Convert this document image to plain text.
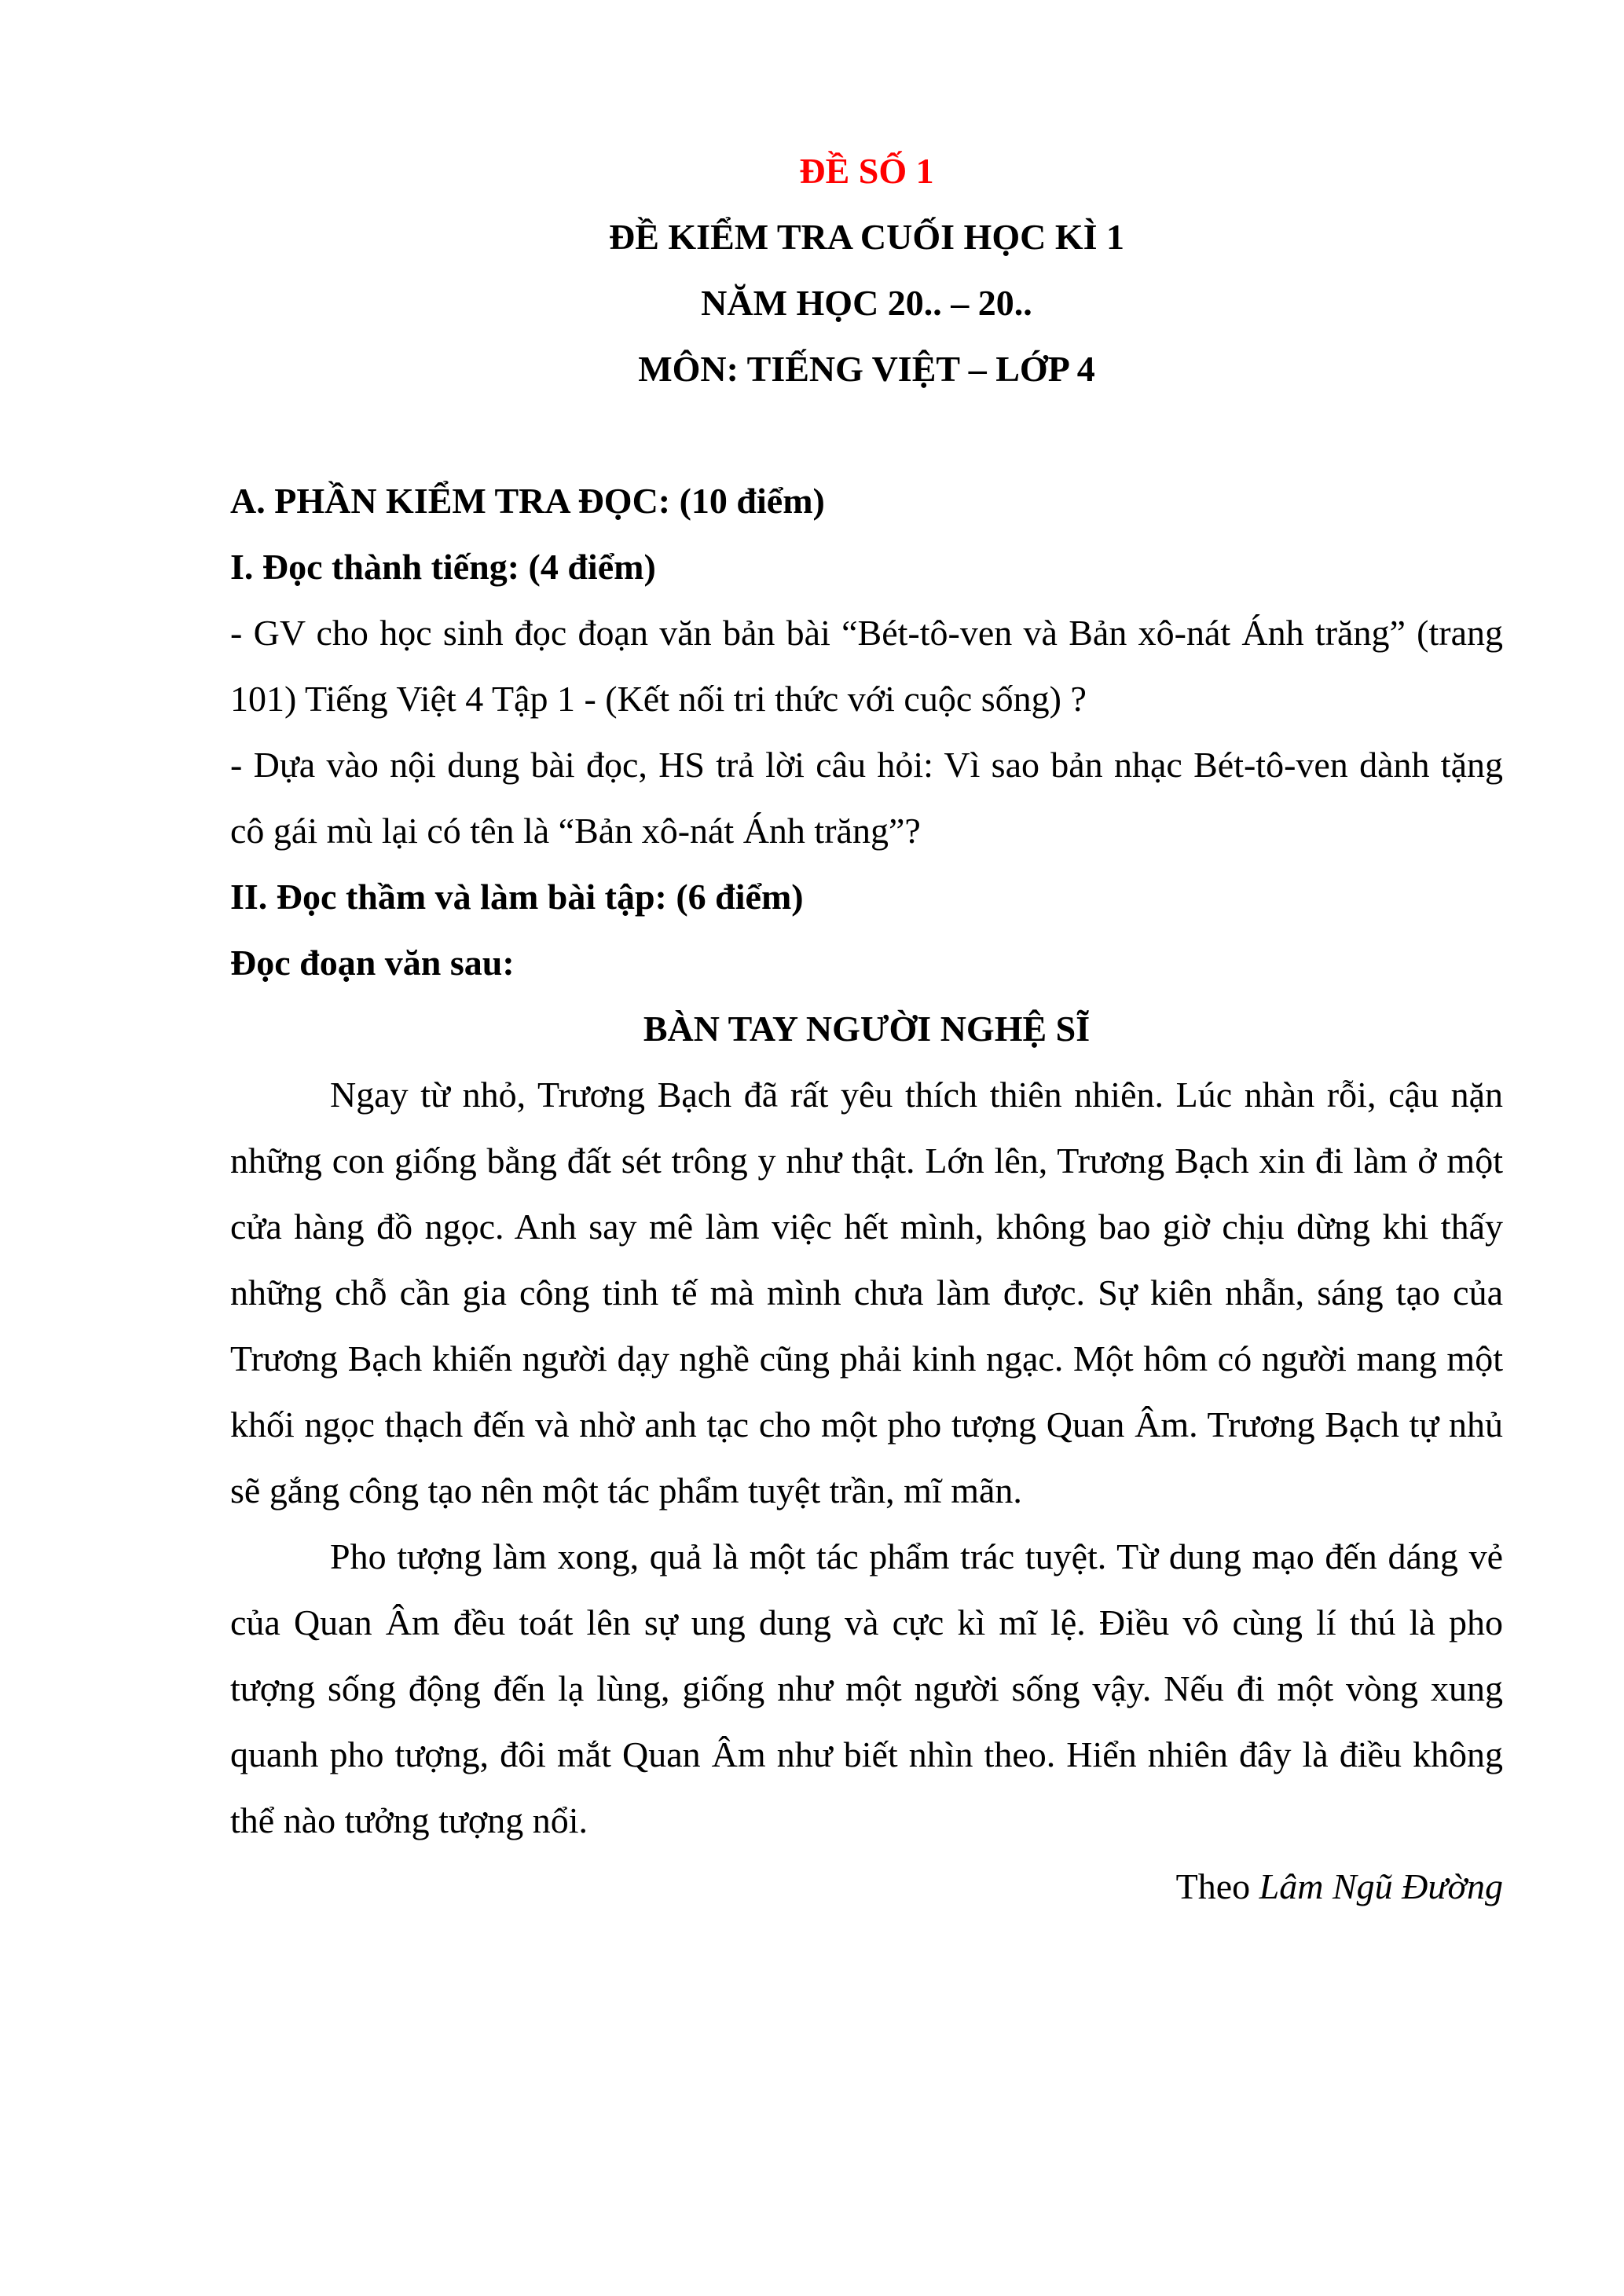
ĐỀ SỐ 1
ĐỀ KIỂM TRA CUỐI HỌC KÌ 1
NĂM HỌC 20.. – 20..
MÔN: TIẾNG VIỆT – LỚP 4
A. PHẦN KIỂM TRA ĐỌC: (10 điểm)
I. Đọc thành tiếng: (4 điểm)

- GV cho học sinh đọc đoạn văn bản bài “Bét-tô-ven và Bản xô-nát Ánh trăng” (trang 101) Tiếng Việt 4 Tập 1 - (Kết nối tri thức với cuộc sống) ?

- Dựa vào nội dung bài đọc, HS trả lời câu hỏi: Vì sao bản nhạc Bét-tô-ven dành tặng cô gái mù lại có tên là “Bản xô-nát Ánh trăng”?

II. Đọc thầm và làm bài tập: (6 điểm)
Đọc đoạn văn sau:
BÀN TAY NGƯỜI NGHỆ SĨ

Ngay từ nhỏ, Trương Bạch đã rất yêu thích thiên nhiên. Lúc nhàn rỗi, cậu nặn những con giống bằng đất sét trông y như thật. Lớn lên, Trương Bạch xin đi làm ở một cửa hàng đồ ngọc. Anh say mê làm việc hết mình, không bao giờ chịu dừng khi thấy những chỗ cần gia công tinh tế mà mình chưa làm được. Sự kiên nhẫn, sáng tạo của Trương Bạch khiến người dạy nghề cũng phải kinh ngạc. Một hôm có người mang một khối ngọc thạch đến và nhờ anh tạc cho một pho tượng Quan Âm. Trương Bạch tự nhủ sẽ gắng công tạo nên một tác phẩm tuyệt trần, mĩ mãn.

Pho tượng làm xong, quả là một tác phẩm trác tuyệt. Từ dung mạo đến dáng vẻ của Quan Âm đều toát lên sự ung dung và cực kì mĩ lệ. Điều vô cùng lí thú là pho tượng sống động đến lạ lùng, giống như một người sống vậy. Nếu đi một vòng xung quanh pho tượng, đôi mắt Quan Âm như biết nhìn theo. Hiển nhiên đây là điều không thể nào tưởng tượng nổi.

Theo Lâm Ngũ Đường
